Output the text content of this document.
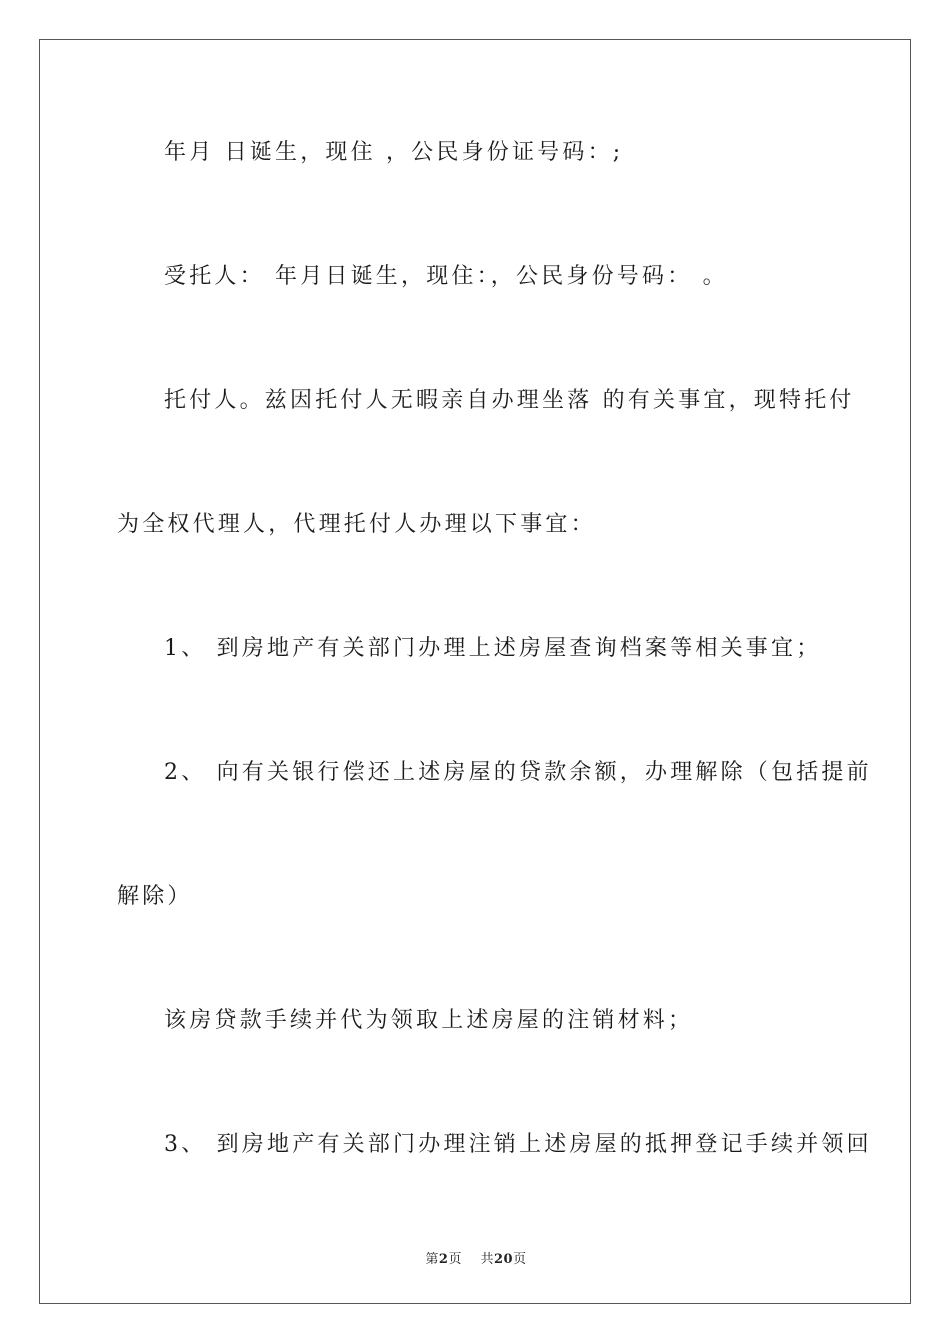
年月 日诞生，现住 ，公民身份证号码：;
受托人： 年月日诞生，现住：，公民身份号码： 。
托付人。兹因托付人无暇亲自办理坐落 的有关事宜，现特托付
为全权代理人，代理托付人办理以下事宜：
1、 到房地产有关部门办理上述房屋查询档案等相关事宜；
2、 向有关银行偿还上述房屋的贷款余额，办理解除（包括提前
解除）
该房贷款手续并代为领取上述房屋的注销材料；
3、 到房地产有关部门办理注销上述房屋的抵押登记手续并领回
第2页 共20页
